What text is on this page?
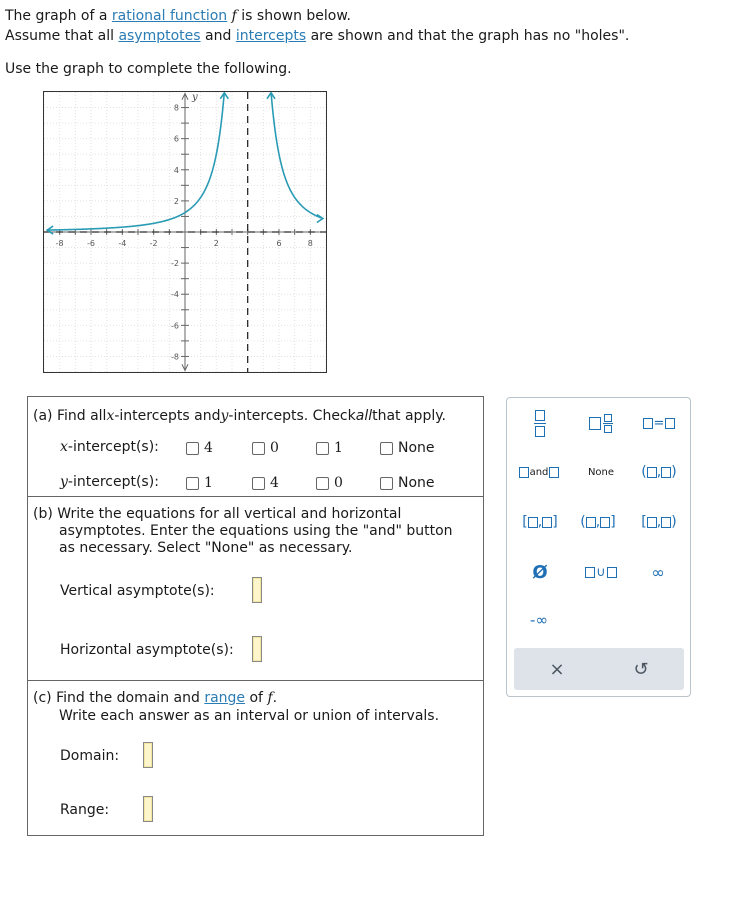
The graph of a rational function f is shown below.
Assume that all asymptotes and intercepts are shown and that the graph has no "holes".
Use the graph to complete the following.
-8	-6	-4	-2	2	6	8
8
6
4
2
-2
-4
-6
-8
y
(a) Find all x -intercepts and y -intercepts. Check all that apply.
x -intercept(s):	4	0	1	None
y -intercept(s):	1	4	0	None
(b) Write the equations for all vertical and horizontal
asymptotes. Enter the equations using the "and" button
as necessary. Select "None" as necessary.
Vertical asymptote(s):
Horizontal asymptote(s):
(c) Find the domain and range of f.
Write each answer as an interval or union of intervals.
Domain:
Range:
=
and	None	( , )
[ , ] ( , ] [ , )
Ø	∪	∞
-∞
×	↺
